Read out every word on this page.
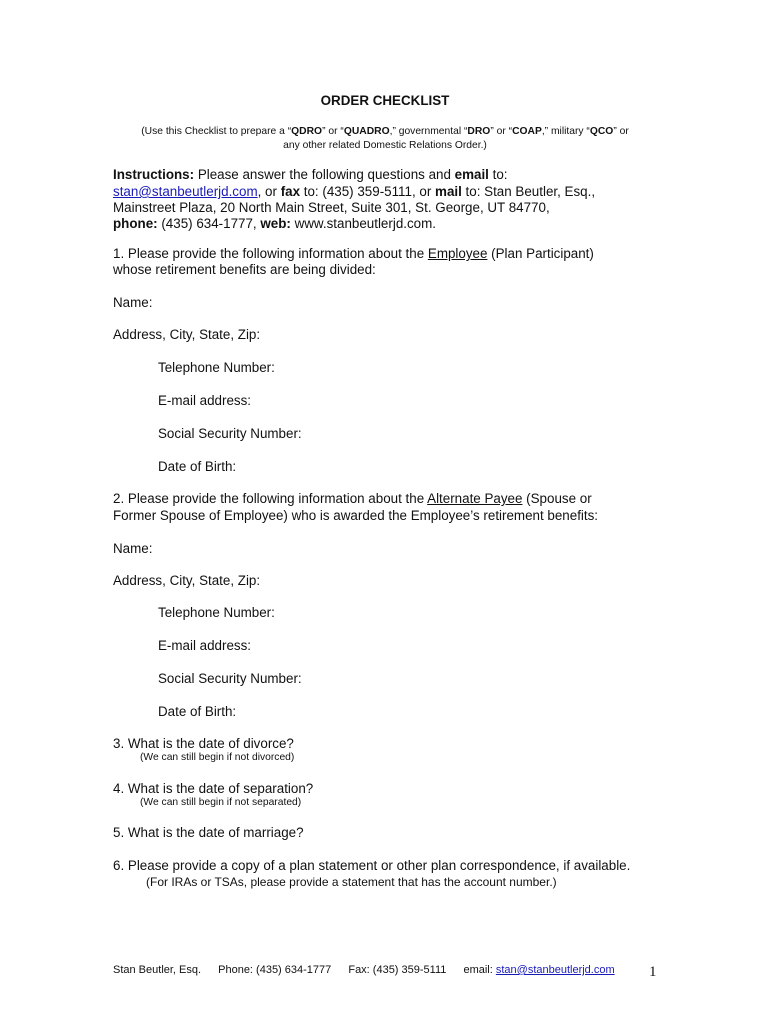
ORDER CHECKLIST
(Use this Checklist to prepare a “QDRO” or “QUADRO,” governmental “DRO” or “COAP,” military “QCO” or
any other related Domestic Relations Order.)
Instructions: Please answer the following questions and email to:
stan@stanbeutlerjd.com, or fax to: (435) 359-5111, or mail to: Stan Beutler, Esq.,
Mainstreet Plaza, 20 North Main Street, Suite 301, St. George, UT 84770,
phone: (435) 634-1777, web: www.stanbeutlerjd.com.
1. Please provide the following information about the Employee (Plan Participant)
whose retirement benefits are being divided:
Name:
Address, City, State, Zip:
Telephone Number:
E-mail address:
Social Security Number:
Date of Birth:
2. Please provide the following information about the Alternate Payee (Spouse or
Former Spouse of Employee) who is awarded the Employee’s retirement benefits:
Name:
Address, City, State, Zip:
Telephone Number:
E-mail address:
Social Security Number:
Date of Birth:
3. What is the date of divorce?
(We can still begin if not divorced)
4. What is the date of separation?
(We can still begin if not separated)
5. What is the date of marriage?
6. Please provide a copy of a plan statement or other plan correspondence, if available.
(For IRAs or TSAs, please provide a statement that has the account number.)
Stan Beutler, Esq. Phone: (435) 634-1777 Fax: (435) 359-5111 email: stan@stanbeutlerjd.com 1
